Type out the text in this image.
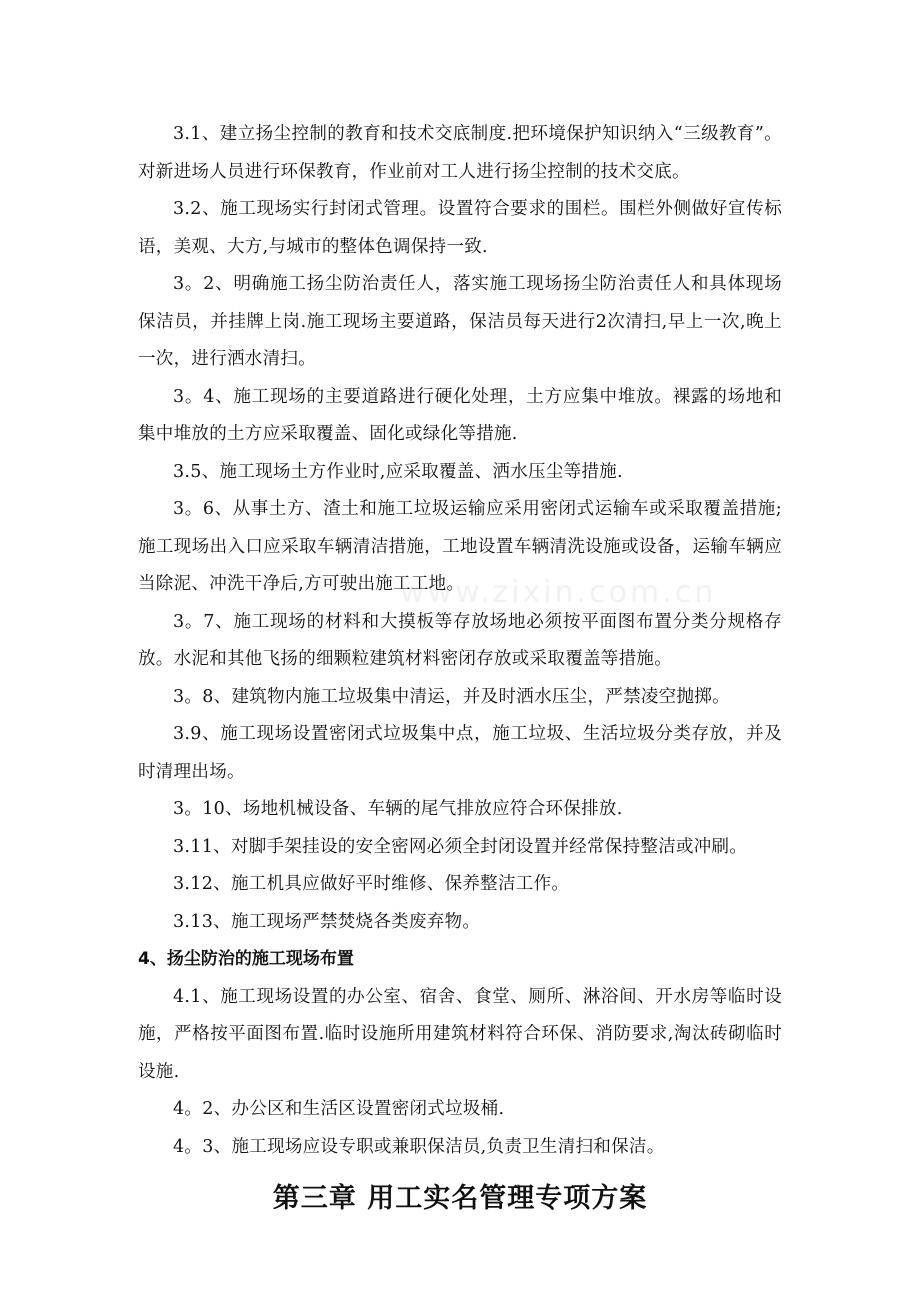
www.zixin.com.cn

3.1、建立扬尘控制的教育和技术交底制度.把环境保护知识纳入“三级教育”。对新进场人员进行环保教育，作业前对工人进行扬尘控制的技术交底。

3.2、施工现场实行封闭式管理。设置符合要求的围栏。围栏外侧做好宣传标语，美观、大方,与城市的整体色调保持一致.

3。2、明确施工扬尘防治责任人，落实施工现场扬尘防治责任人和具体现场保洁员，并挂牌上岗.施工现场主要道路，保洁员每天进行2次清扫,早上一次,晚上一次，进行洒水清扫。

3。4、施工现场的主要道路进行硬化处理，土方应集中堆放。裸露的场地和集中堆放的土方应采取覆盖、固化或绿化等措施.

3.5、施工现场土方作业时,应采取覆盖、洒水压尘等措施.

3。6、从事土方、渣土和施工垃圾运输应采用密闭式运输车或采取覆盖措施;施工现场出入口应采取车辆清洁措施，工地设置车辆清洗设施或设备，运输车辆应当除泥、冲洗干净后,方可驶出施工工地。

3。7、施工现场的材料和大摸板等存放场地必须按平面图布置分类分规格存放。水泥和其他飞扬的细颗粒建筑材料密闭存放或采取覆盖等措施。

3。8、建筑物内施工垃圾集中清运，并及时洒水压尘，严禁凌空抛掷。

3.9、施工现场设置密闭式垃圾集中点，施工垃圾、生活垃圾分类存放，并及时清理出场。

3。10、场地机械设备、车辆的尾气排放应符合环保排放.

3.11、对脚手架挂设的安全密网必须全封闭设置并经常保持整洁或冲刷。

3.12、施工机具应做好平时维修、保养整洁工作。

3.13、施工现场严禁焚烧各类废弃物。

4、扬尘防治的施工现场布置

4.1、施工现场设置的办公室、宿舍、食堂、厕所、淋浴间、开水房等临时设施，严格按平面图布置.临时设施所用建筑材料符合环保、消防要求,淘汰砖砌临时设施.

4。2、办公区和生活区设置密闭式垃圾桶.

4。3、施工现场应设专职或兼职保洁员,负责卫生清扫和保洁。

第三章 用工实名管理专项方案
